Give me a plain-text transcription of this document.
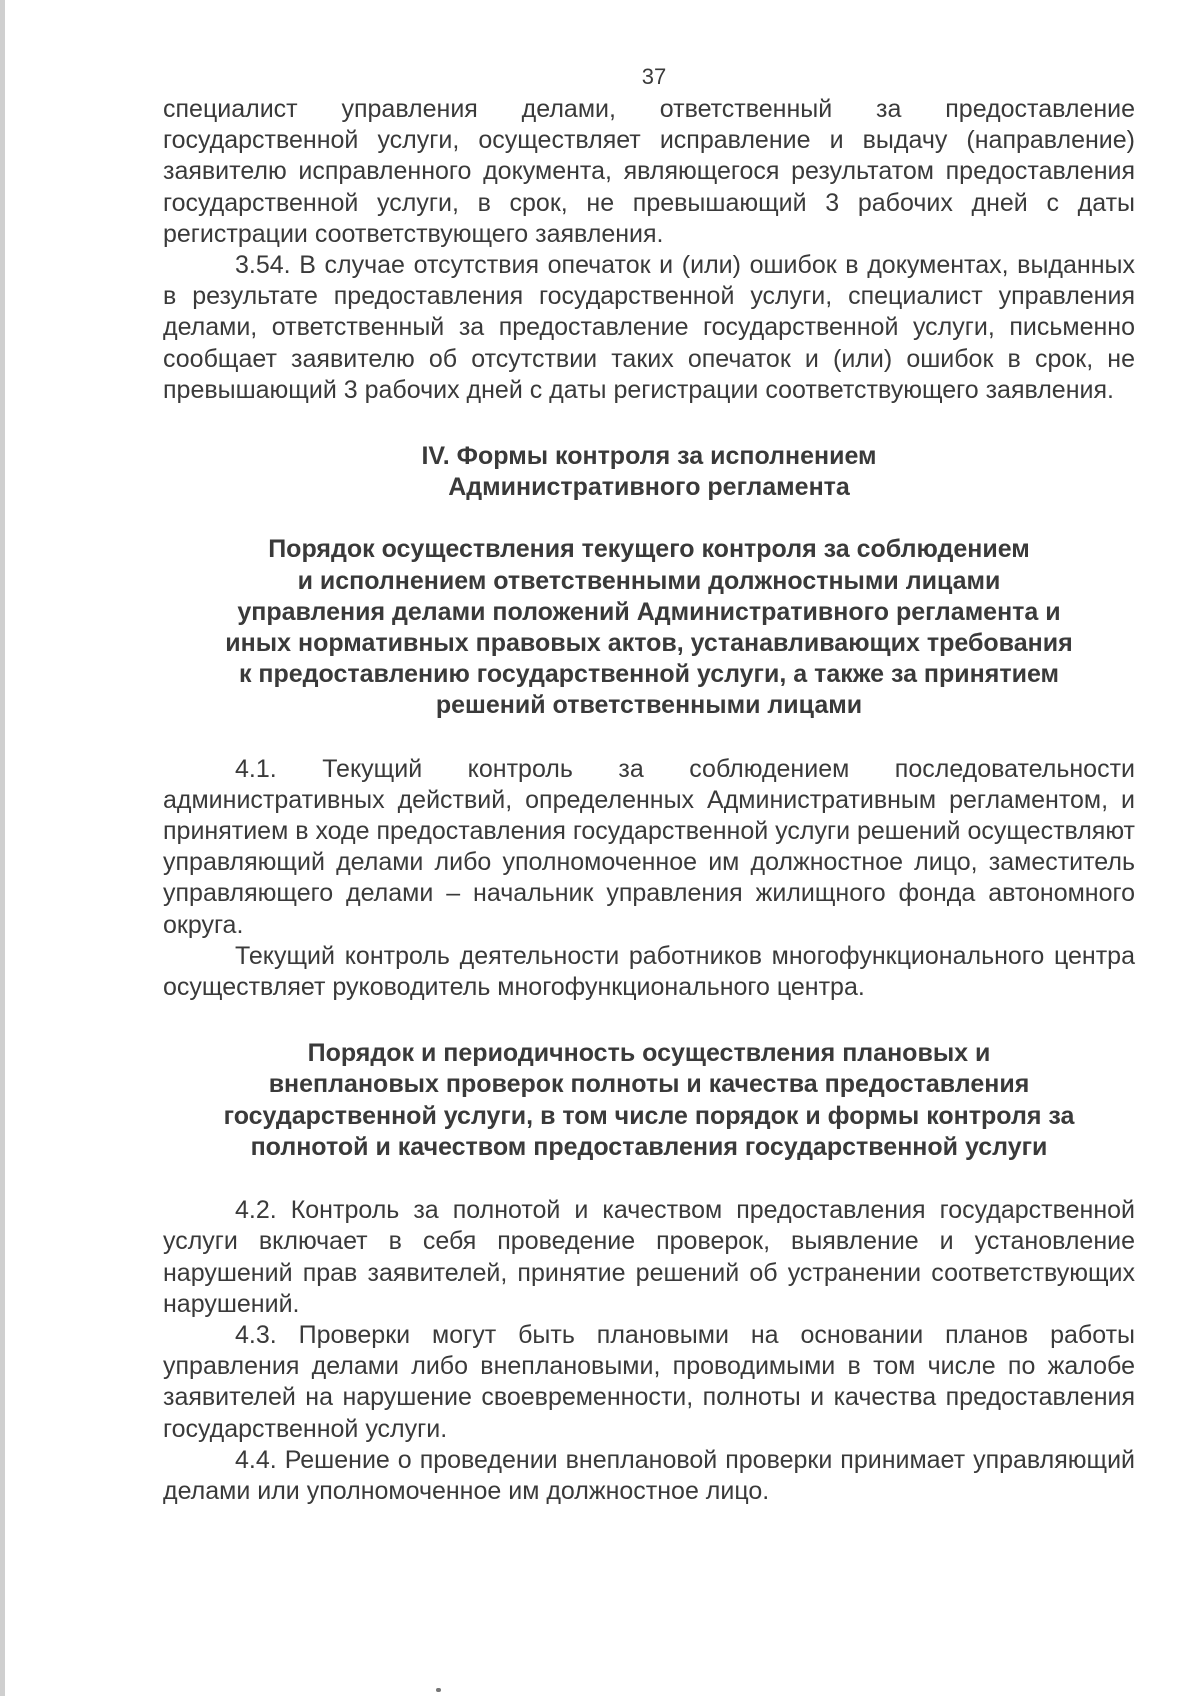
37

специалист управления делами, ответственный за предоставление государственной услуги, осуществляет исправление и выдачу (направление) заявителю исправленного документа, являющегося результатом предоставления государственной услуги, в срок, не превышающий 3 рабочих дней с даты регистрации соответствующего заявления.

3.54. В случае отсутствия опечаток и (или) ошибок в документах, выданных в результате предоставления государственной услуги, специалист управления делами, ответственный за предоставление государственной услуги, письменно сообщает заявителю об отсутствии таких опечаток и (или) ошибок в срок, не превышающий 3 рабочих дней с даты регистрации соответствующего заявления.

IV. Формы контроля за исполнением
Административного регламента
Порядок осуществления текущего контроля за соблюдением
и исполнением ответственными должностными лицами
управления делами положений Административного регламента и
иных нормативных правовых актов, устанавливающих требования
к предоставлению государственной услуги, а также за принятием
решений ответственными лицами

4.1. Текущий контроль за соблюдением последовательности административных действий, определенных Административным регламентом, и принятием в ходе предоставления государственной услуги решений осуществляют управляющий делами либо уполномоченное им должностное лицо, заместитель управляющего делами – начальник управления жилищного фонда автономного округа.

Текущий контроль деятельности работников многофункционального центра осуществляет руководитель многофункционального центра.

Порядок и периодичность осуществления плановых и
внеплановых проверок полноты и качества предоставления
государственной услуги, в том числе порядок и формы контроля за
полнотой и качеством предоставления государственной услуги

4.2. Контроль за полнотой и качеством предоставления государственной услуги включает в себя проведение проверок, выявление и установление нарушений прав заявителей, принятие решений об устранении соответствующих нарушений.

4.3. Проверки могут быть плановыми на основании планов работы управления делами либо внеплановыми, проводимыми в том числе по жалобе заявителей на нарушение своевременности, полноты и качества предоставления государственной услуги.

4.4. Решение о проведении внеплановой проверки принимает управляющий делами или уполномоченное им должностное лицо.
